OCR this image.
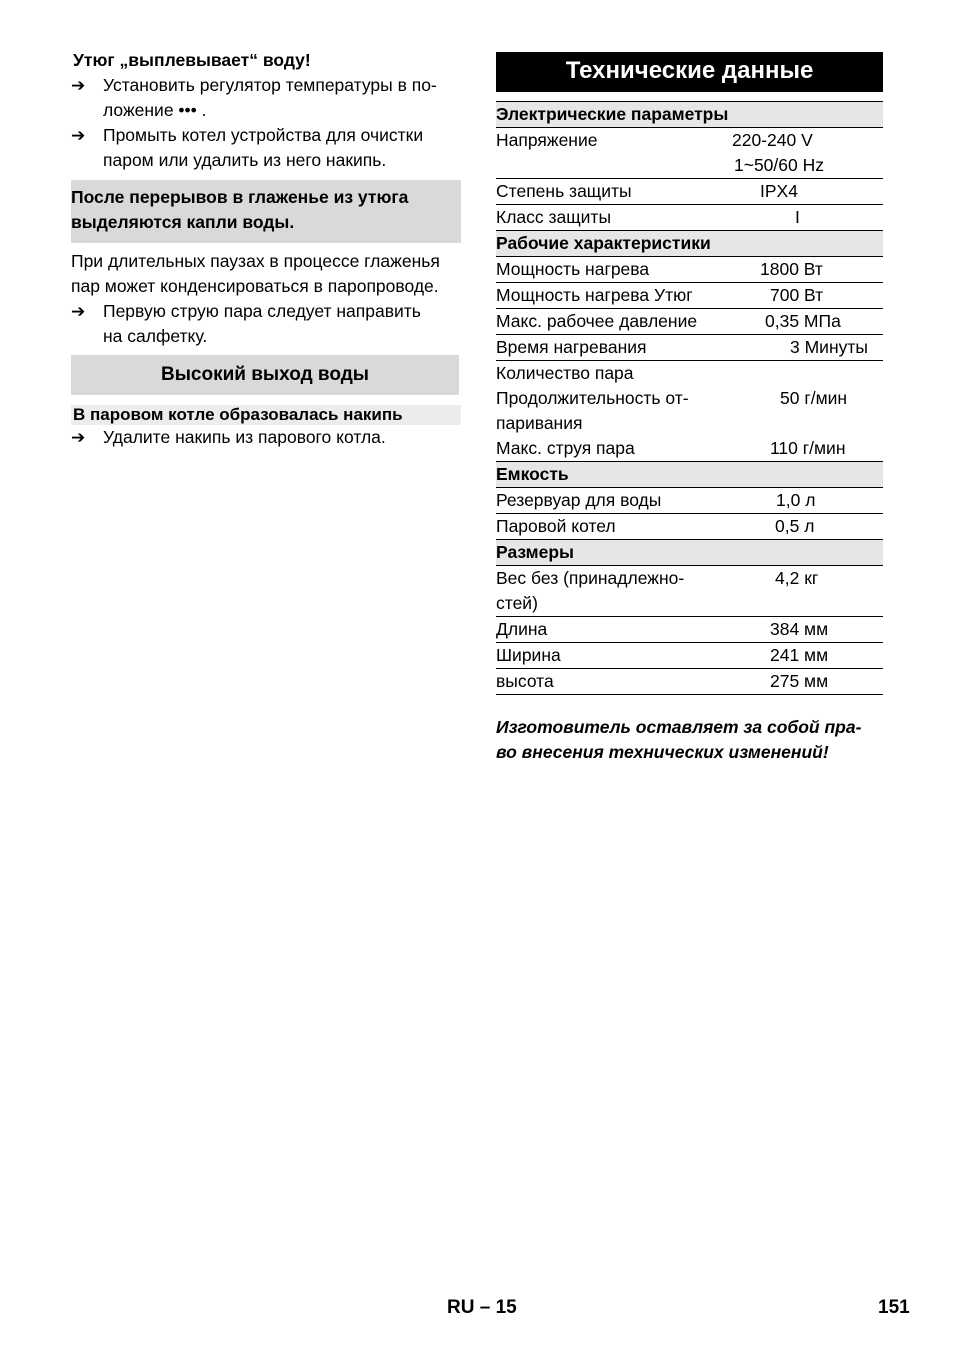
Утюг „выплевывает“ воду!
➔	Установить регулятор температуры в по-
ложение ••• .
➔	Промыть котел устройства для очистки
паром или удалить из него накипь.
После перерывов в глаженье из утюга
выделяются капли воды.
При длительных паузах в процессе глаженья
пар может конденсироваться в паропроводе.
➔	Первую струю пара следует направить
на салфетку.
Высокий выход воды
В паровом котле образовалась накипь
➔	Удалите накипь из парового котла.
Технические данные
Электрические параметры	
Напряжение	220-240 V
1~50/60 Hz

Степень защиты	IPX4
Класс защиты	I
Рабочие характеристики	
Мощность нагрева	1800 Вт
Мощность нагрева Утюг	700 Вт
Макс. рабочее давление	0,35 МПа
Время нагревания	3 Минуты

Количество пара
Продолжительность от-
паривания	50 г/мин
Макс. струя пара	110 г/мин
Емкость	
Резервуар для воды	1,0 л
Паровой котел	0,5 л
Размеры	

Вес без (принадлежно-
стей)	4,2 кг
Длина	384 мм
Ширина	241 мм
высота	275 мм
Изготовитель оставляет за собой пра-
во внесения технических изменений!
RU – 15	151
